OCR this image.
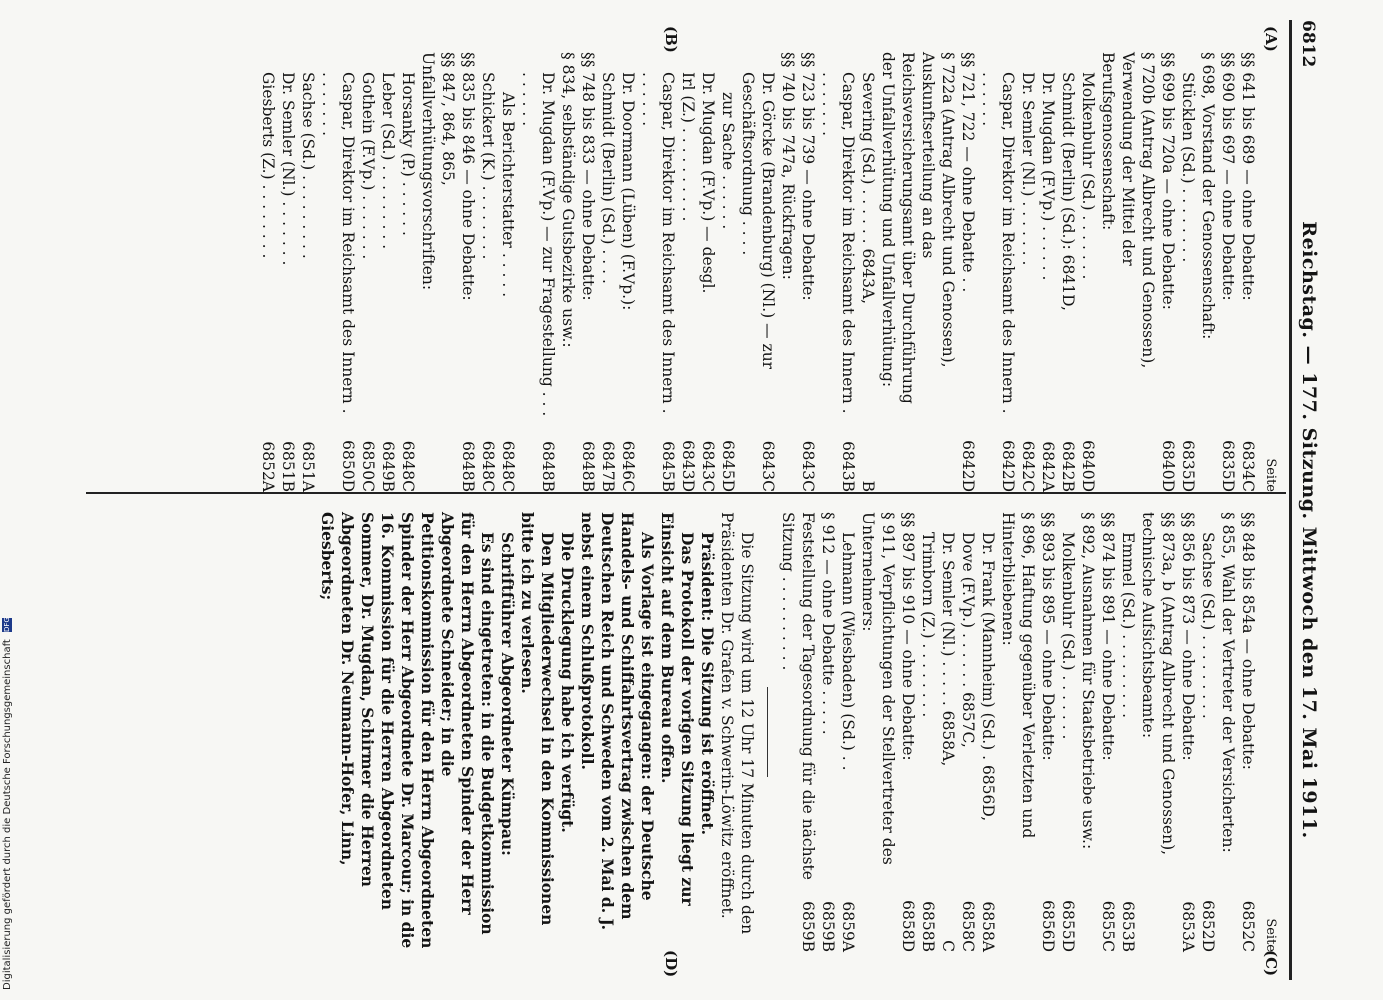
6812
Reichstag. — 177. Sitzung. Mittwoch den 17. Mai 1911.
(A)
(B)
(C)
(D)
Seite
§§ 641 bis 689 — ohne Debatte:
6834C
§§ 690 bis 697 — ohne Debatte:
6835D
§ 698, Vorstand der Genossenschaft:
Stücklen (Sd.) . . . . . . . .
6835D
§§ 699 bis 720a — ohne Debatte:
6840D
§ 720b (Antrag Albrecht und Genossen), Verwendung der Mittel der Berufsgenossenschaft:
Molkenbuhr (Sd.) . . . . . . .
6840D
Schmidt (Berlin) (Sd.): 6841D,
6842B
Dr. Mugdan (F.Vp.) . . . . . .
6842A
Dr. Semler (Nl.) . . . . . . .
6842C
Caspar, Direktor im Reichsamt des Innern . . . . . . .
6842D
§§ 721, 722 — ohne Debatte . .
6842D
§ 722a (Antrag Albrecht und Genossen), Auskunftserteilung an das Reichsversicherungsamt über Durchführung der Unfallverhütung und Unfallverhütung:
Severing (Sd.) . . . . . . 6843A,
B
Caspar, Direktor im Reichsamt des Innern . . . . . . . .
6843B
§§ 723 bis 739 — ohne Debatte:
6843C
§§ 740 bis 747a, Rückfragen:
Dr. Görcke (Brandenburg) (Nl.) — zur Geschäftsordnung . . . .
6843C
zur Sache . . . . . .
6845D
Dr. Mugdan (F.Vp.) — desgl.
6843C
Irl (Z.) . . . . . . . . . .
6843D
Caspar, Direktor im Reichsamt des Innern . . . . . . .
6845B
Dr. Doormann (Lüben) (F.Vp.):
6846C
Schmidt (Berlin) (Sd.) . . . .
6847B
§§ 748 bis 833 — ohne Debatte:
6848B
§ 834, selbständige Gutsbezirke usw.:
Dr. Mugdan (F.Vp.) — zur Fragestellung . . . . . . . . .
6848B
Als Berichterstatter . . . . .
6848C
Schickert (K.) . . . . . . . .
6848C
§§ 835 bis 846 — ohne Debatte:
6848B
§§ 847, 864, 865, Unfallverhütungsvorschriften:
Horsanky (P.) . . . . . .
6848C
Leber (Sd.) . . . . . . . . .
6849B
Gothein (F.Vp.) . . . . . . .
6850C
Caspar, Direktor im Reichsamt des Innern . . . . . . . .
6850D
Sachse (Sd.) . . . . . . . . .
6851A
Dr. Semler (Nl.) . . . . . . .
6851B
Giesberts (Z.) . . . . . . . .
6852A
Seite
§§ 848 bis 854a — ohne Debatte:
6852C
§ 855, Wahl der Vertreter der Versicherten:
Sachse (Sd.) . . . . . . . . .
6852D
§§ 856 bis 873 — ohne Debatte:
6853A
§§ 873a, b (Antrag Albrecht und Genossen), technische Aufsichtsbeamte:
Emmel (Sd.) . . . . . . . . .
6853B
§§ 874 bis 891 — ohne Debatte:
6855C
§ 892, Ausnahmen für Staatsbetriebe usw.:
Molkenbuhr (Sd.) . . . . . . .
6855D
§§ 893 bis 895 — ohne Debatte:
6856D
§ 896, Haftung gegenüber Verletzten und Hinterbliebenen:
Dr. Frank (Mannheim) (Sd.) . 6856D,
6858A
Dove (F.Vp.) . . . . . . 6857C,
6858C
Dr. Semler (Nl.) . . . . . 6858A,
C
Trimborn (Z.) . . . . . . . .
6858B
§§ 897 bis 910 — ohne Debatte:
6858D
§ 911, Verpflichtungen der Stellvertreter des Unternehmers:
Lehmann (Wiesbaden) (Sd.) . .
6859A
§ 912 — ohne Debatte . . . . .
6859B
Feststellung der Tagesordnung für die nächste Sitzung . . . . . . . . . .
6859B

Die Sitzung wird um 12 Uhr 17 Minuten durch den Präsidenten Dr. Grafen v. Schwerin-Löwitz eröffnet.

Präsident: Die Sitzung ist eröffnet.

Das Protokoll der vorigen Sitzung liegt zur Einsicht auf dem Bureau offen.

Als Vorlage ist eingegangen: der Deutsche Handels- und Schiffahrtsvertrag zwischen dem Deutschen Reich und Schweden vom 2. Mai d. J. nebst einem Schlußprotokoll.

Die Drucklegung habe ich verfügt.

Den Mitgliederwechsel in den Kommissionen bitte ich zu verlesen.

Schriftführer Abgeordneter Kümpau:

Es sind eingetreten: in die Budgetkommission für den Herrn Abgeordneten Spinder der Herr Abgeordnete Schneider; in die Petitionskommission für den Herrn Abgeordneten Spinder der Herr Abgeordnete Dr. Marcour; in die 16. Kommission für die Herren Abgeordneten Sommer, Dr. Mugdan, Schirmer die Herren Abgeordneten Dr. Neumann-Hofer, Linn, Giesberts;

Digitalisierung gefördert durch die Deutsche Forschungsgemeinschaft DFG
